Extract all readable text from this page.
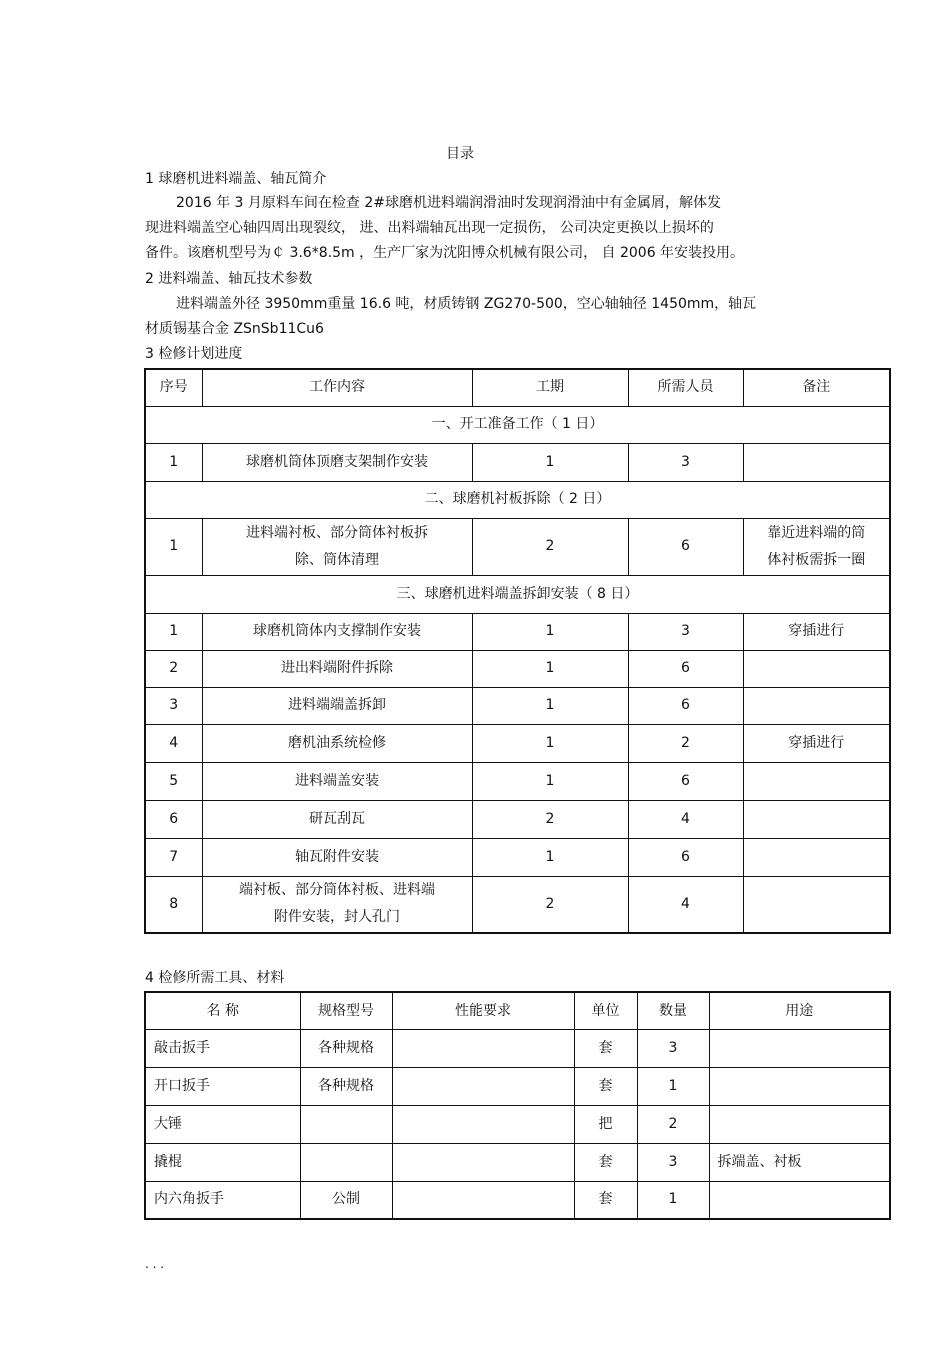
目录
1 球磨机进料端盖、轴瓦简介
2016 年 3 月原料车间在检查 2#球磨机进料端润滑油时发现润滑油中有金属屑，解体发
现进料端盖空心轴四周出现裂纹， 进、出料端轴瓦出现一定损伤， 公司决定更换以上损坏的
备件。该磨机型号为￠ 3.6*8.5m ，生产厂家为沈阳博众机械有限公司， 自 2006 年安装投用。
2 进料端盖、轴瓦技术参数
进料端盖外径 3950mm重量 16.6 吨，材质铸钢 ZG270-500，空心轴轴径 1450mm，轴瓦
材质锡基合金 ZSnSb11Cu6
3 检修计划进度
序号	工作内容	工期	所需人员	备注
一、开工准备工作（ 1 日）				
1	球磨机筒体顶磨支架制作安装	1	3	
二、球磨机衬板拆除（ 2 日）				
1	进料端衬板、部分筒体衬板拆除、筒体清理	2	6	靠近进料端的筒体衬板需拆一圈
三、球磨机进料端盖拆卸安装（ 8 日）				
1	球磨机筒体内支撑制作安装	1	3	穿插进行
2	进出料端附件拆除	1	6	
3	进料端端盖拆卸	1	6	
4	磨机油系统检修	1	2	穿插进行
5	进料端盖安装	1	6	
6	研瓦刮瓦	2	4	
7	轴瓦附件安装	1	6	
8	端衬板、部分筒体衬板、进料端附件安装，封人孔门	2	4	
4 检修所需工具、材料
名 称	规格型号	性能要求	单位	数量	用途
敲击扳手	各种规格		套	3	
开口扳手	各种规格		套	1	
大锤			把	2	
撬棍			套	3	拆端盖、衬板
内六角扳手	公制		套	1	
. . .
